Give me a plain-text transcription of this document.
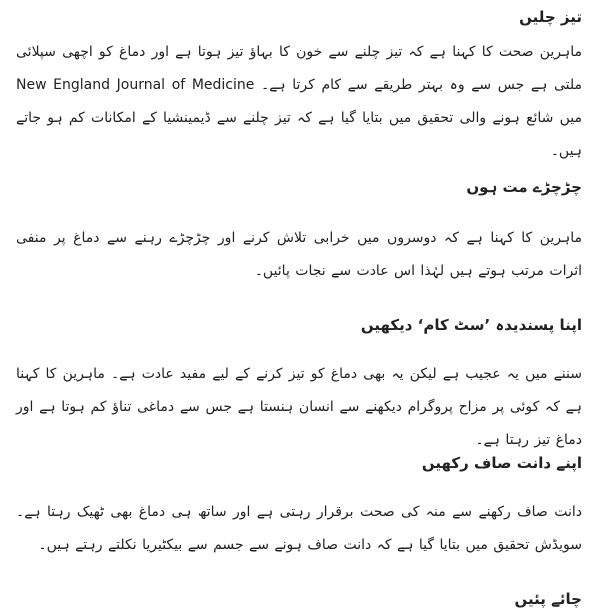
تیز چلیں

ماہرین صحت کا کہنا ہے کہ تیز چلنے سے خون کا بہاؤ تیز ہوتا ہے اور دماغ کو اچھی سپلائی ملتی ہے جس سے وہ بہتر طریقے سے کام کرتا ہے۔ New England Journal of Medicine میں شائع ہونے والی تحقیق میں بتایا گیا ہے کہ تیز چلنے سے ڈیمینشیا کے امکانات کم ہو جاتے ہیں۔

چڑچڑے مت ہوں

ماہرین کا کہنا ہے کہ دوسروں میں خرابی تلاش کرنے اور چڑچڑے رہنے سے دماغ پر منفی اثرات مرتب ہوتے ہیں لہٰذا اس عادت سے نجات پائیں۔

اپنا پسندیدہ ’سٹ کام‘ دیکھیں

سننے میں یہ عجیب ہے لیکن یہ بھی دماغ کو تیز کرنے کے لیے مفید عادت ہے۔ ماہرین کا کہنا ہے کہ کوئی پر مزاح پروگرام دیکھنے سے انسان ہنستا ہے جس سے دماغی تناؤ کم ہوتا ہے اور دماغ تیز رہتا ہے۔

اپنے دانت صاف رکھیں

دانت صاف رکھنے سے منہ کی صحت برقرار رہتی ہے اور ساتھ ہی دماغ بھی ٹھیک رہتا ہے۔ سویڈش تحقیق میں بتایا گیا ہے کہ دانت صاف ہونے سے جسم سے بیکٹیریا نکلتے رہتے ہیں۔

چائے پئیں
